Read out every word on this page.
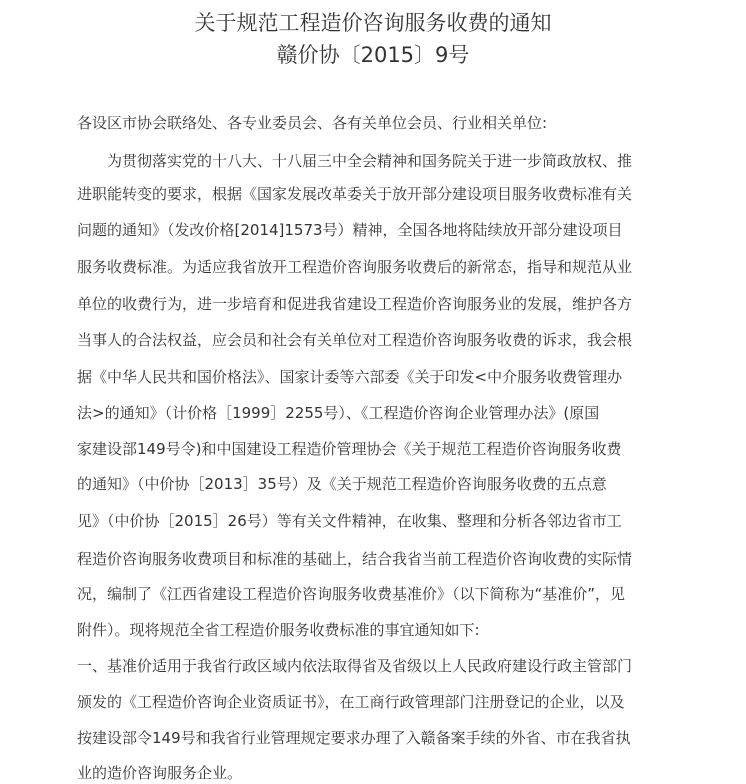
关于规范工程造价咨询服务收费的通知
赣价协〔2015〕9号

各设区市协会联络处、各专业委员会、各有关单位会员、行业相关单位:

为贯彻落实党的十八大、十八届三中全会精神和国务院关于进一步简政放权、推

进职能转变的要求，根据《国家发展改革委关于放开部分建设项目服务收费标准有关

问题的通知》（发改价格[2014]1573号）精神，全国各地将陆续放开部分建设项目

服务收费标准。为适应我省放开工程造价咨询服务收费后的新常态，指导和规范从业

单位的收费行为，进一步培育和促进我省建设工程造价咨询服务业的发展，维护各方

当事人的合法权益，应会员和社会有关单位对工程造价咨询服务收费的诉求，我会根

据《中华人民共和国价格法》、国家计委等六部委《关于印发<中介服务收费管理办

法>的通知》（计价格［1999］2255号）、《工程造价咨询企业管理办法》(原国

家建设部149号令)和中国建设工程造价管理协会《关于规范工程造价咨询服务收费

的通知》（中价协［2013］35号）及《关于规范工程造价咨询服务收费的五点意

见》（中价协［2015］26号）等有关文件精神，在收集、整理和分析各邻边省市工

程造价咨询服务收费项目和标准的基础上，结合我省当前工程造价咨询收费的实际情

况，编制了《江西省建设工程造价咨询服务收费基准价》（以下简称为“基准价”，见

附件）。现将规范全省工程造价服务收费标准的事宜通知如下:

一、基准价适用于我省行政区域内依法取得省及省级以上人民政府建设行政主管部门

颁发的《工程造价咨询企业资质证书》，在工商行政管理部门注册登记的企业，以及

按建设部令149号和我省行业管理规定要求办理了入赣备案手续的外省、市在我省执

业的造价咨询服务企业。
